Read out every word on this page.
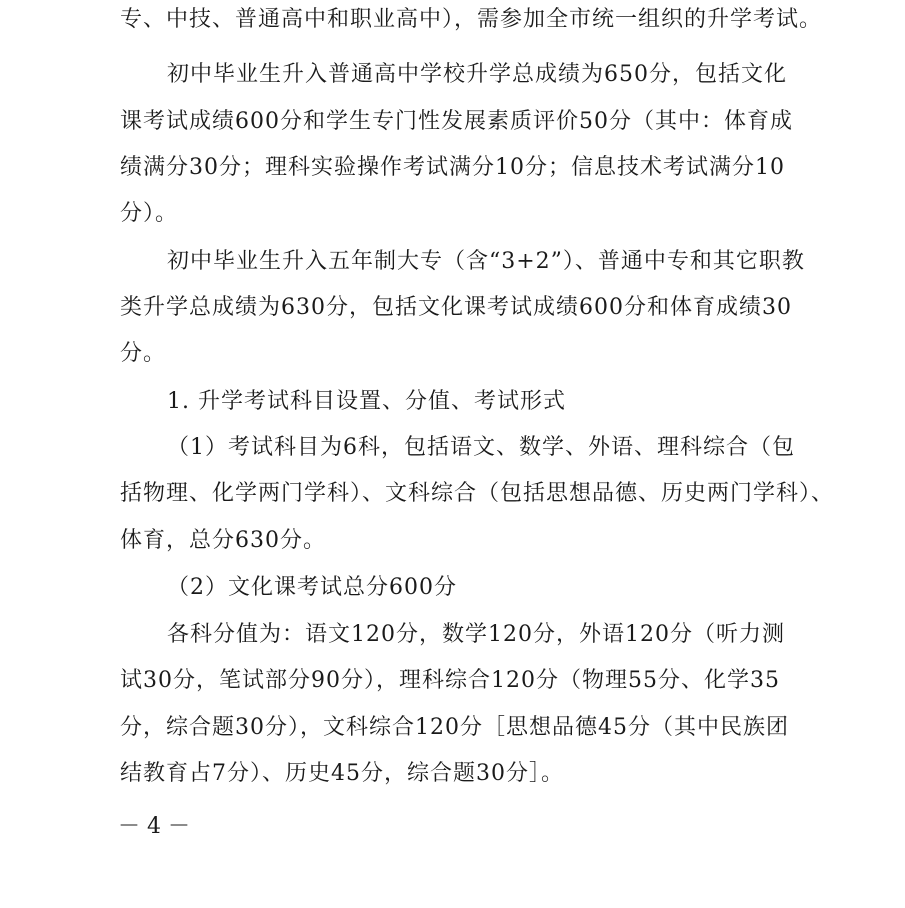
专、中技、普通高中和职业高中），需参加全市统一组织的升学考试。
初中毕业生升入普通高中学校升学总成绩为650分，包括文化
课考试成绩600分和学生专门性发展素质评价50分（其中：体育成
绩满分30分；理科实验操作考试满分10分；信息技术考试满分10
分）。
初中毕业生升入五年制大专（含“3+2”）、普通中专和其它职教
类升学总成绩为630分，包括文化课考试成绩600分和体育成绩30
分。
1. 升学考试科目设置、分值、考试形式
（1）考试科目为6科，包括语文、数学、外语、理科综合（包
括物理、化学两门学科）、文科综合（包括思想品德、历史两门学科）、
体育，总分630分。
（2）文化课考试总分600分
各科分值为：语文120分，数学120分，外语120分（听力测
试30分，笔试部分90分），理科综合120分（物理55分、化学35
分，综合题30分），文科综合120分［思想品德45分（其中民族团
结教育占7分）、历史45分，综合题30分］。
－ 4 －
